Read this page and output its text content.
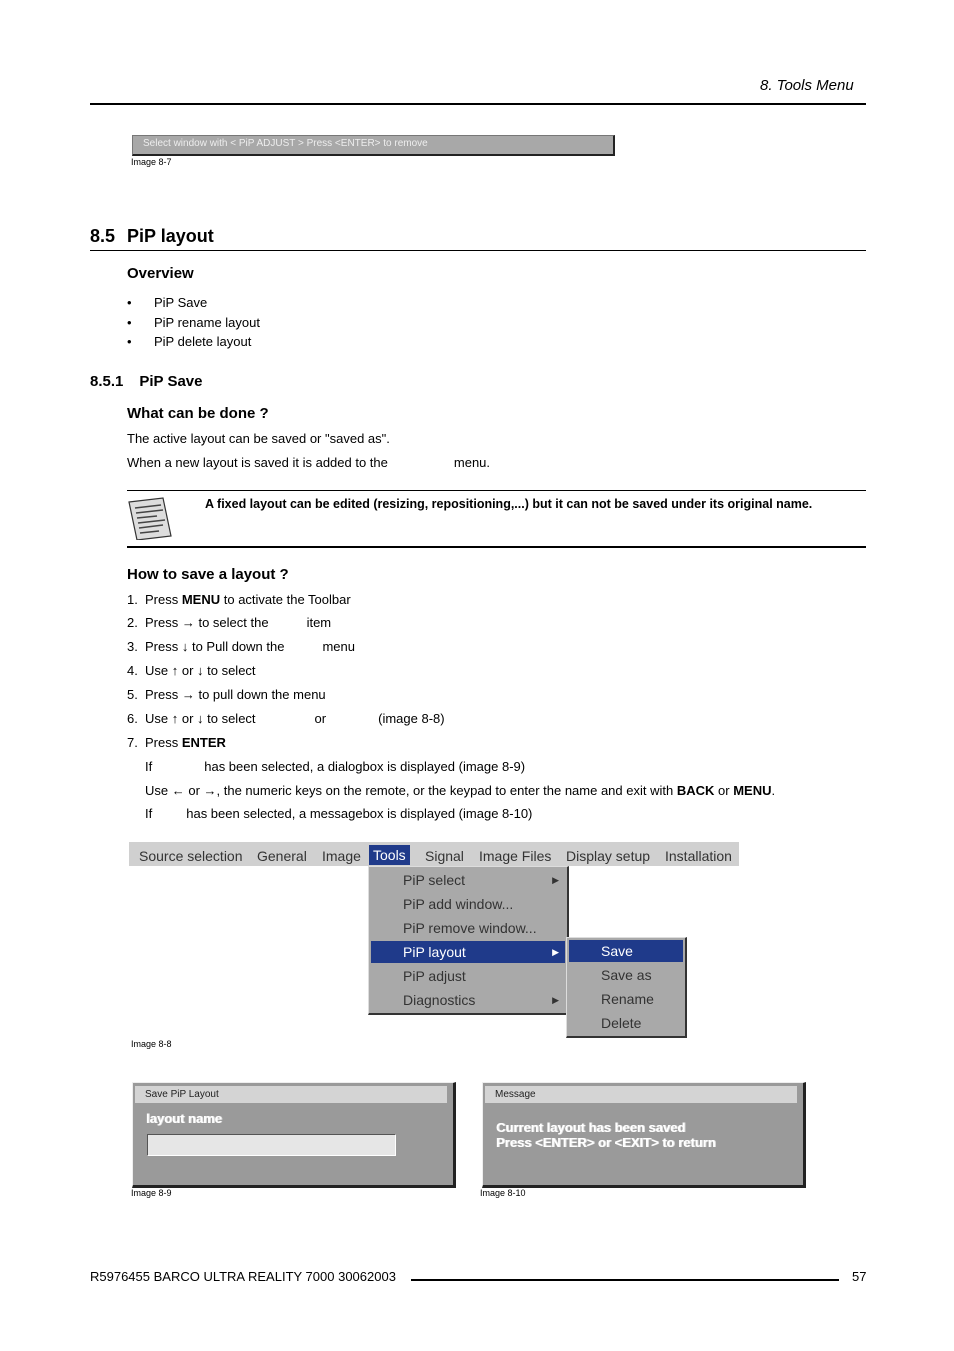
8. Tools Menu
Select window with < PiP ADJUST > Press <ENTER> to remove
Image 8-7
8.5 PiP layout
Overview
• PiP Save
• PiP rename layout
• PiP delete layout
8.5.1 PiP Save
What can be done ?
The active layout can be saved or "saved as".
When a new layout is saved it is added to the	menu.
A fixed layout can be edited (resizing, repositioning,...) but it can not be saved under its original name.
How to save a layout ?
1. Press MENU to activate the Toolbar
2. Press → to select the	item
3. Press ↓ to Pull down the	menu
4. Use ↑ or ↓ to select
5. Press → to pull down the menu
6. Use ↑ or ↓ to select	or	(image 8-8)
7. Press ENTER
If	has been selected, a dialogbox is displayed (image 8-9)
Use ← or →, the numeric keys on the remote, or the keypad to enter the name and exit with BACK or MENU.
If	has been selected, a messagebox is displayed (image 8-10)
Source selection General Image Tools Signal Image Files Display setup Installation
PiP select	▶
PiP add window...
PiP remove window...
PiP layout	▶
PiP adjust
Diagnostics	▶
Save
Save as
Rename
Delete
Image 8-8
Save PiP Layout
layout name
Image 8-9
Message
Current layout has been saved
Press <ENTER> or <EXIT> to return
Image 8-10
R5976455 BARCO ULTRA REALITY 7000 30062003	57
